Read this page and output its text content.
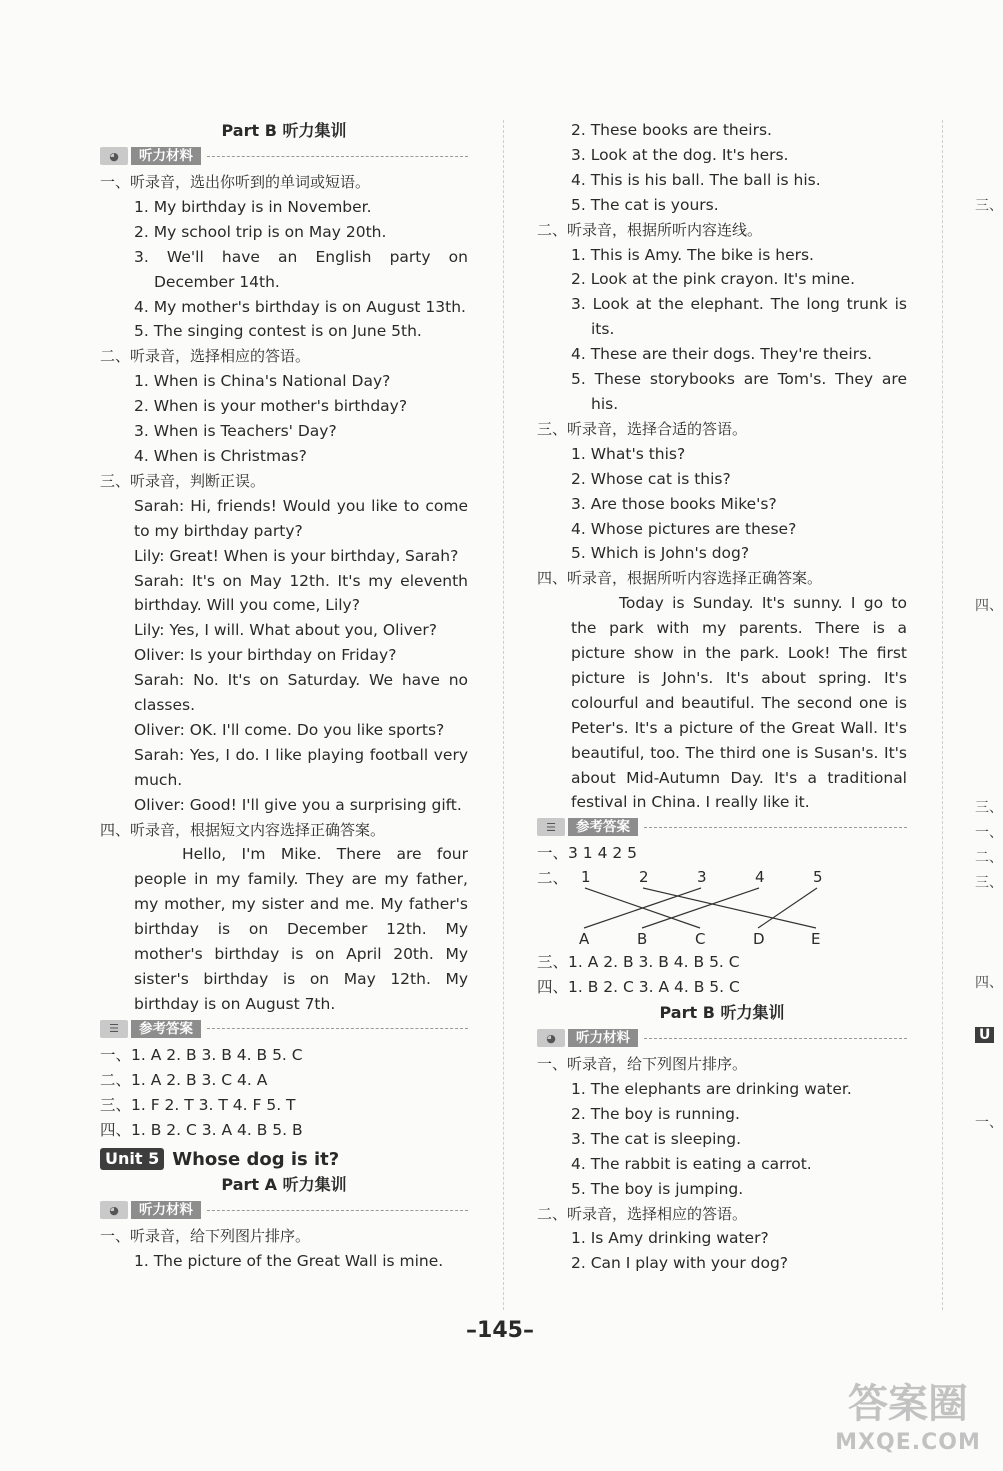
Part B 听力集训
◕	听力材料
一、听录音，选出你听到的单词或短语。
1. My birthday is in November.
2. My school trip is on May 20th.
3. We'll have an English party on December 14th.
4. My mother's birthday is on August 13th.
5. The singing contest is on June 5th.
二、听录音，选择相应的答语。
1. When is China's National Day?
2. When is your mother's birthday?
3. When is Teachers' Day?
4. When is Christmas?
三、听录音，判断正误。
Sarah: Hi, friends! Would you like to come to my birthday party?
Lily: Great! When is your birthday, Sarah?
Sarah: It's on May 12th. It's my eleventh birthday. Will you come, Lily?
Lily: Yes, I will. What about you, Oliver?
Oliver: Is your birthday on Friday?
Sarah: No. It's on Saturday. We have no classes.
Oliver: OK. I'll come. Do you like sports?
Sarah: Yes, I do. I like playing football very much.
Oliver: Good! I'll give you a surprising gift.
四、听录音，根据短文内容选择正确答案。
Hello, I'm Mike. There are four people in my family. They are my father, my mother, my sister and me. My father's birthday is on December 12th. My mother's birthday is on April 20th. My sister's birthday is on May 12th. My birthday is on August 7th.
☰	参考答案
一、1. A 2. B 3. B 4. B 5. C
二、1. A 2. B 3. C 4. A
三、1. F 2. T 3. T 4. F 5. T
四、1. B 2. C 3. A 4. B 5. B
Unit 5 Whose dog is it?
Part A 听力集训
◕	听力材料
一、听录音，给下列图片排序。
1. The picture of the Great Wall is mine.
2. These books are theirs.
3. Look at the dog. It's hers.
4. This is his ball. The ball is his.
5. The cat is yours.
二、听录音，根据所听内容连线。
1. This is Amy. The bike is hers.
2. Look at the pink crayon. It's mine.
3. Look at the elephant. The long trunk is its.
4. These are their dogs. They're theirs.
5. These storybooks are Tom's. They are his.
三、听录音，选择合适的答语。
1. What's this?
2. Whose cat is this?
3. Are those books Mike's?
4. Whose pictures are these?
5. Which is John's dog?
四、听录音，根据所听内容选择正确答案。
Today is Sunday. It's sunny. I go to the park with my parents. There is a picture show in the park. Look! The first picture is John's. It's about spring. It's colourful and beautiful. The second one is Peter's. It's a picture of the Great Wall. It's beautiful, too. The third one is Susan's. It's about Mid-Autumn Day. It's a traditional festival in China. I really like it.
☰	参考答案
一、3 1 4 2 5
二、 1	2	3	4	5
A	B	C	D	E
三、1. A 2. B 3. B 4. B 5. C
四、1. B 2. C 3. A 4. B 5. C
Part B 听力集训
◕	听力材料
一、听录音，给下列图片排序。
1. The elephants are drinking water.
2. The boy is running.
3. The cat is sleeping.
4. The rabbit is eating a carrot.
5. The boy is jumping.
二、听录音，选择相应的答语。
1. Is Amy drinking water?
2. Can I play with your dog?
三、
四、
三、
一、
二、
三、
四、
U
一、
–145–
答案圈
MXQE.COM
